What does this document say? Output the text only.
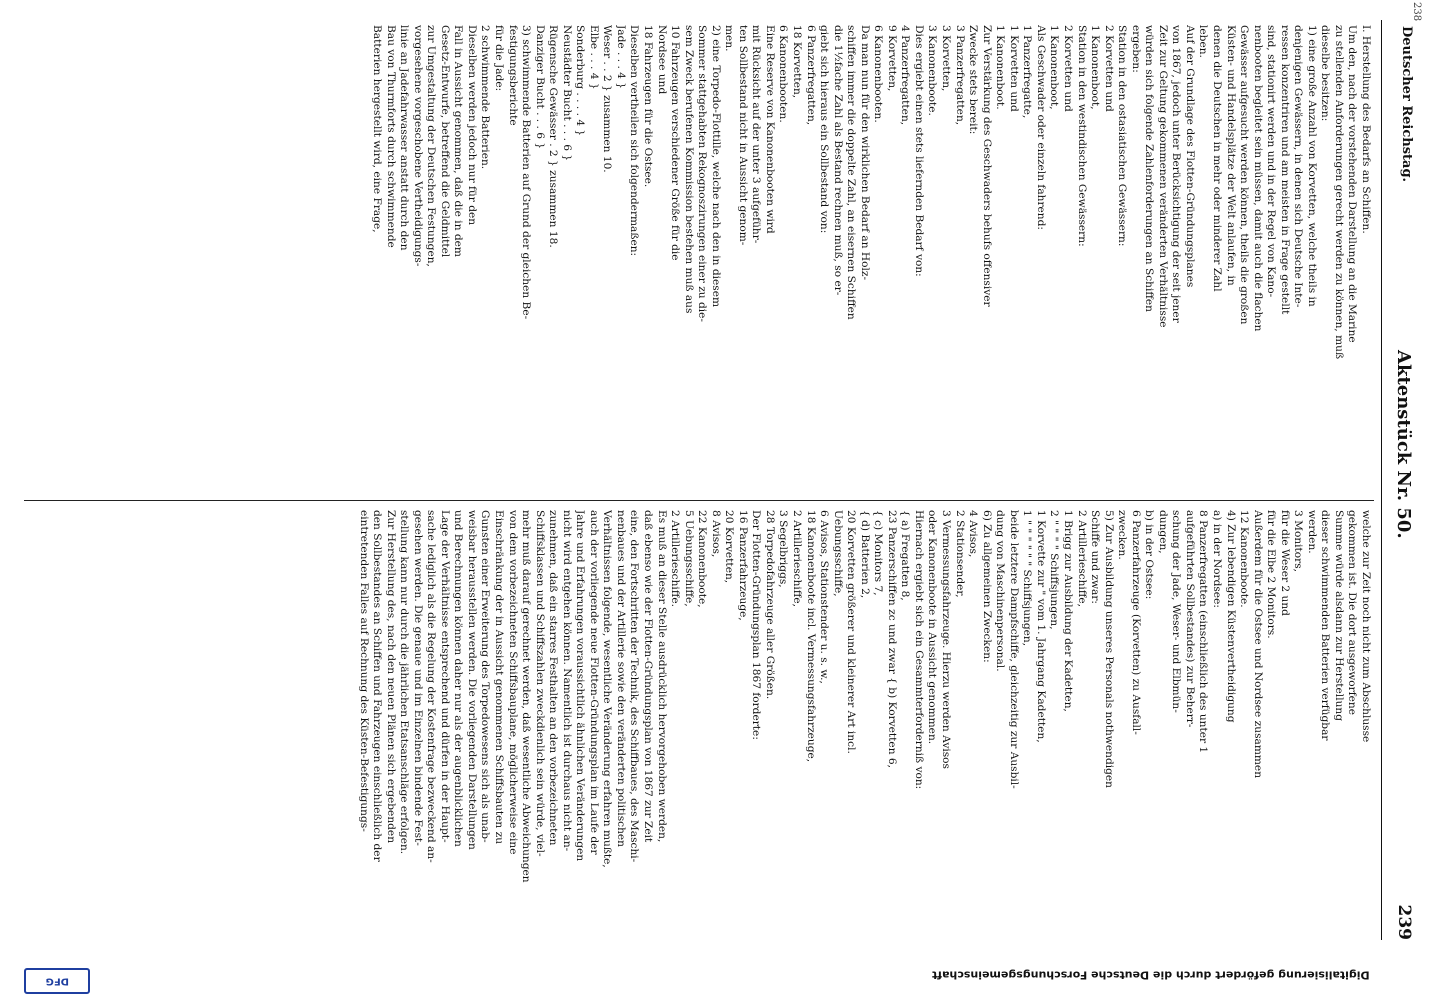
238
Deutscher Reichstag.
Aktenstück Nr. 50.
239
I. Herstellung des Bedarfs an Schiffen.
Um den, nach der vorstehenden Darstellung an die Marine
zu stellenden Anforderungen gerecht werden zu können, muß
dieselbe besitzen:
1) eine große Anzahl von Korvetten, welche theils in
denjenigen Gewässern, in denen sich Deutsche Inte-
ressen konzentriren und am meisten in Frage gestellt
sind, stationirt werden und in der Regel von Kano-
nenbooten begleitet sein müssen, damit auch die flachen
Gewässer aufgesucht werden können, theils die großen
Küsten- und Handelsplätze der Welt anlaufen, in
denen die Deutschen in mehr oder minderer Zahl
leben.
Auf der Grundlage des Flotten-Gründungsplanes
von 1867, jedoch unter Berücksichtigung der seit jener
Zeit zur Geltung gekommenen veränderten Verhältnisse
würden sich folgende Zahlenforderungen an Schiffen
ergeben:
Station in den ostasiatischen Gewässern:
2 Korvetten und
1 Kanonenboot,
Station in den westindischen Gewässern:
2 Korvetten und
1 Kanonenboot,
Als Geschwader oder einzeln fahrend:
1 Panzerfregatte,
1 Korvetten und
1 Kanonenboot.
Zur Verstärkung des Geschwaders behufs offensiver
Zwecke stets bereit:
3 Panzerfregatten,
3 Korvetten,
3 Kanonenboote.
Dies ergiebt einen stets liefernden Bedarf von:
4 Panzerfregatten,
9 Korvetten,
6 Kanonenbooten.
Da man nun für den wirklichen Bedarf an Holz-
schiffen immer die doppelte Zahl, an eisernen Schiffen
die 1½fache Zahl als Bestand rechnen muß, so er-
giebt sich hieraus ein Sollbestand von:
6 Panzerfregatten,
18 Korvetten,
6 Kanonenbooten.
Eine Reserve von Kanonenbooten wird
mit Rücksicht auf der unter 3 aufgeführ-
ten Sollbestand nicht in Aussicht genom-
men.
2) eine Torpedo-Flottille, welche nach den in diesem
Sommer stattgehabten Rekognoszirungen einer zu die-
sem Zweck berufenen Kommission bestehen muß aus
10 Fahrzeugen verschiedener Größe für die
Nordsee und
18 Fahrzeugen für die Ostsee.
Dieselben vertheilen sich folgendermaßen:
Jade . . . 4 }
Weser . . 2 } zusammen 10.
Elbe . . . 4 }
Sonderburg . . . . 4 }
Neustädter Bucht . . . 6 }
Rügensche Gewässer . 2 } zusammen 18.
Danziger Bucht . . . 6 }
3) schwimmende Batterien auf Grund der gleichen Be-
festigungsberichte
für die Jade:
2 schwimmende Batterien.
Dieselben werden jedoch nur für den
Fall in Aussicht genommen, daß die in dem
Gesetz-Entwurfe, betreffend die Geldmittel
zur Umgestaltung der Deutschen Festungen,
vorgesehene vorgeschobene Vertheidigungs-
linie an Jadefahrwasser anstatt durch den
Bau von Thurmforts durch schwimmende
Batterien hergestellt wird, eine Frage,
welche zur Zeit noch nicht zum Abschlusse
gekommen ist. Die dort ausgeworfene
Summe würde alsdann zur Herstellung
dieser schwimmenden Batterien verfügbar
werden.
3 Monitors,
für die Weser 2 und
für die Elbe 2 Monitors.
Außerdem für die Ostsee und Nordsee zusammen
12 Kanonenboote.
4) Zur lebendigen Küstenvertheidigung
a) in der Nordsee:
8 Panzerfregatten (einschließlich des unter 1
aufgeführten Sollbestandes) zur Beherr-
schung der Jade, Weser- und Elbmün-
dungen,
b) in der Ostsee:
6 Panzerfahrzeuge (Korvetten) zu Ausfall-
zwecken.
5) Zur Ausbildung unseres Personals nothwendigen
Schiffe und zwar:
2 Artillerieschiffe,
1 Brigg zur Ausbildung der Kadetten,
2 " " " " Schiffsjungen,
1 Korvette zur " vom 1. Jahrgang Kadetten,
1 " " " " " " Schiffsjungen,
beide letztere Dampfschiffe, gleichzeitig zur Ausbil-
dung von Maschinenpersonal.
6) Zu allgemeinen Zwecken:
4 Avisos,
2 Stationsender,
3 Vermessungsfahrzeuge. Hierzu werden Avisos
oder Kanonenboote in Aussicht genommen.
Hiernach ergiebt sich ein Gesammterforderniß von:
{ a) Fregatten 8,
23 Panzerschiffen zc und zwar { b) Korvetten 6,
{ c) Monitors 7,
{ d) Batterien 2,
20 Korvetten größerer und kleinerer Art incl.
Uebungsschiffe,
6 Avisos, Stationstender u. s. w.,
18 Kanonenboote incl. Vermessungsfahrzeuge,
2 Artillerieschiffe,
3 Segelbriggs,
28 Torpedofahrzeuge aller Größen.
Der Flotten-Gründungsplan 1867 forderte:
16 Panzerfahrzeuge,
20 Korvetten,
8 Avisos,
22 Kanonenboote,
5 Uebungsschiffe,
2 Artillerieschiffe.
Es muß an dieser Stelle ausdrücklich hervorgehoben werden,
daß ebenso wie der Flotten-Gründungsplan von 1867 zur Zeit
eine, den Fortschritten der Technik, des Schiffbaues, des Maschi-
nenbaues und der Artillerie sowie den veränderten politischen
Verhältnissen folgende, wesentliche Veränderung erfahren mußte,
auch der vorliegende neue Flotten-Gründungsplan im Laufe der
Jahre und Erfahrungen voraussichtlich ähnlichen Veränderungen
nicht wird entgehen können. Namentlich ist durchaus nicht an-
zunehmen, daß ein starres Festhalten an den vorbezeichneten
Schiffsklassen und Schiffszahlen zweckdienlich sein würde, viel-
mehr muß darauf gerechnet werden, daß wesentliche Abweichungen
von dem vorbezeichneten Schiffsbauplane, möglicherweise eine
Einschränkung der in Aussicht genommenen Schiffsbauten zu
Gunsten einer Erweiterung des Torpedowesens sich als unab-
weisbar herausstellen werden. Die vorliegenden Darstellungen
und Berechnungen können daher nur als der augenblicklichen
Lage der Verhältnisse entsprechend und dürfen in der Haupt-
sache lediglich als die Regelung der Kostenfrage bezweckend an-
gesehen werden. Die genaue und im Einzelnen bindende Fest-
stellung kann nur durch die jährlichen Etatsanschläge erfolgen.
Zur Herstellung des, nach den neuen Plänen sich ergebenden
den Sollbestandes an Schiffen und Fahrzeugen einschließlich der
eintretenden Falles auf Rechnung des Küsten-Befestigungs-
Digitalisierung gefördert durch die Deutsche Forschungsgemeinschaft
DFG
